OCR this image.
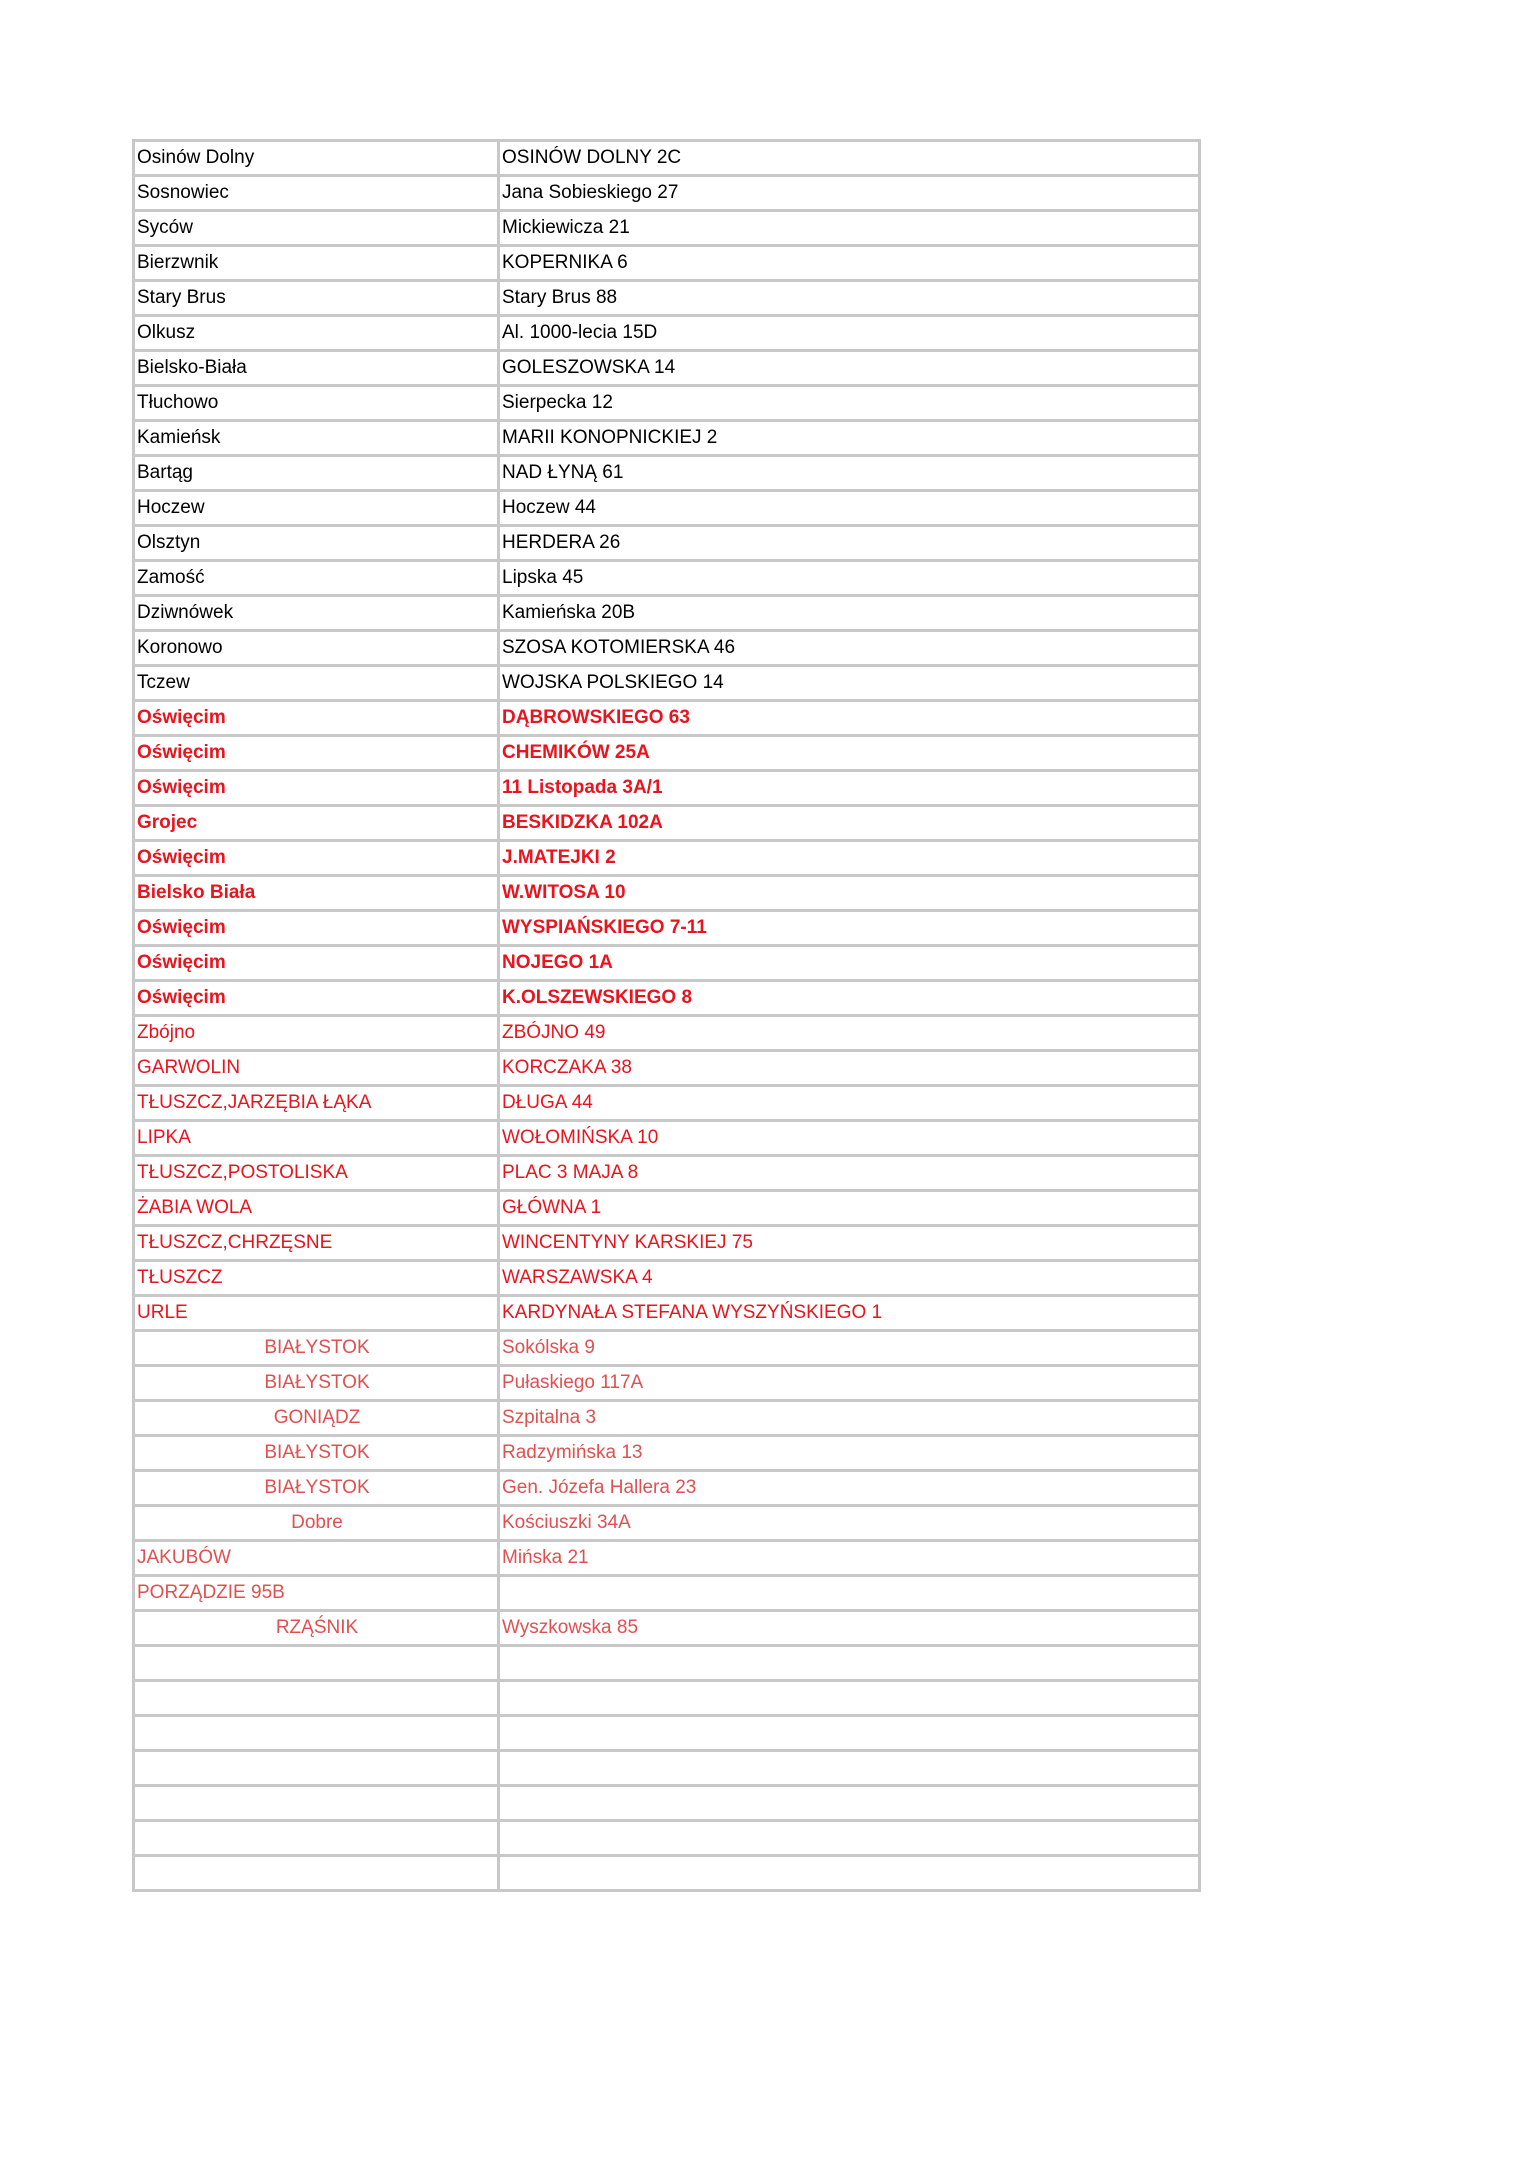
Osinów Dolny	OSINÓW DOLNY 2C
Sosnowiec	Jana Sobieskiego 27
Syców	Mickiewicza 21
Bierzwnik	KOPERNIKA 6
Stary Brus	Stary Brus 88
Olkusz	Al. 1000-lecia 15D
Bielsko-Biała	GOLESZOWSKA 14
Tłuchowo	Sierpecka 12
Kamieńsk	MARII KONOPNICKIEJ 2
Bartąg	NAD ŁYNĄ 61
Hoczew	Hoczew 44
Olsztyn	HERDERA 26
Zamość	Lipska 45
Dziwnówek	Kamieńska 20B
Koronowo	SZOSA KOTOMIERSKA 46
Tczew	WOJSKA POLSKIEGO 14
Oświęcim	DĄBROWSKIEGO 63
Oświęcim	CHEMIKÓW 25A
Oświęcim	11 Listopada 3A/1
Grojec	BESKIDZKA 102A
Oświęcim	J.MATEJKI 2
Bielsko Biała	W.WITOSA 10
Oświęcim	WYSPIAŃSKIEGO 7-11
Oświęcim	NOJEGO 1A
Oświęcim	K.OLSZEWSKIEGO 8
Zbójno	ZBÓJNO 49
GARWOLIN	KORCZAKA 38
TŁUSZCZ,JARZĘBIA ŁĄKA	DŁUGA 44
LIPKA	WOŁOMIŃSKA 10
TŁUSZCZ,POSTOLISKA	PLAC 3 MAJA 8
ŻABIA WOLA	GŁÓWNA 1
TŁUSZCZ,CHRZĘSNE	WINCENTYNY KARSKIEJ 75
TŁUSZCZ	WARSZAWSKA 4
URLE	KARDYNAŁA STEFANA WYSZYŃSKIEGO 1
BIAŁYSTOK	Sokólska 9
BIAŁYSTOK	Pułaskiego 117A
GONIĄDZ	Szpitalna 3
BIAŁYSTOK	Radzymińska 13
BIAŁYSTOK	Gen. Józefa Hallera 23
Dobre	Kościuszki 34A
JAKUBÓW	Mińska 21
PORZĄDZIE 95B	
RZĄŚNIK	Wyszkowska 85
